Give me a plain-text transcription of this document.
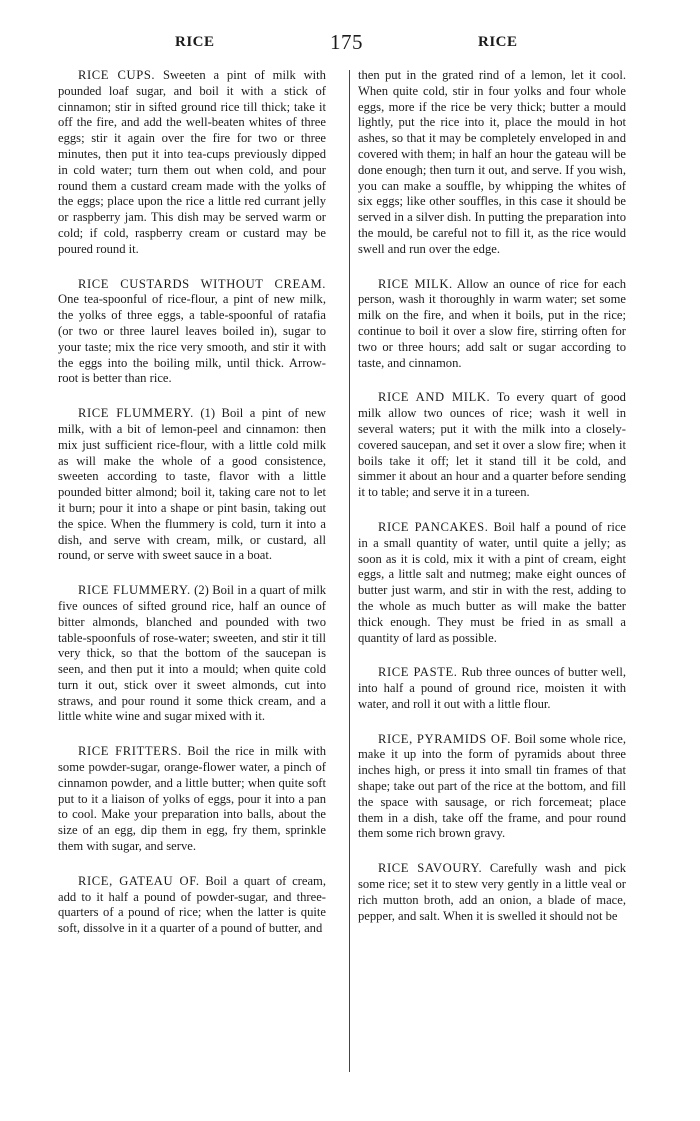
RICE	175	RICE

RICE CUPS. Sweeten a pint of milk with pounded loaf sugar, and boil it with a stick of cinnamon; stir in sifted ground rice till thick; take it off the fire, and add the well-beaten whites of three eggs; stir it again over the fire for two or three minutes, then put it into tea-cups previously dipped in cold water; turn them out when cold, and pour round them a custard cream made with the yolks of the eggs; place upon the rice a little red currant jelly or raspberry jam. This dish may be served warm or cold; if cold, raspberry cream or custard may be poured round it.

RICE CUSTARDS WITHOUT CREAM. One tea-spoonful of rice-flour, a pint of new milk, the yolks of three eggs, a table-spoonful of ratafia (or two or three laurel leaves boiled in), sugar to your taste; mix the rice very smooth, and stir it with the eggs into the boiling milk, until thick. Arrow-root is better than rice.

RICE FLUMMERY. (1) Boil a pint of new milk, with a bit of lemon-peel and cinnamon: then mix just sufficient rice-flour, with a little cold milk as will make the whole of a good consistence, sweeten according to taste, flavor with a little pounded bitter almond; boil it, taking care not to let it burn; pour it into a shape or pint basin, taking out the spice. When the flummery is cold, turn it into a dish, and serve with cream, milk, or custard, all round, or serve with sweet sauce in a boat.

RICE FLUMMERY. (2) Boil in a quart of milk five ounces of sifted ground rice, half an ounce of bitter almonds, blanched and pounded with two table-spoonfuls of rose-water; sweeten, and stir it till very thick, so that the bottom of the saucepan is seen, and then put it into a mould; when quite cold turn it out, stick over it sweet almonds, cut into straws, and pour round it some thick cream, and a little white wine and sugar mixed with it.

RICE FRITTERS. Boil the rice in milk with some powder-sugar, orange-flower water, a pinch of cinnamon powder, and a little butter; when quite soft put to it a liaison of yolks of eggs, pour it into a pan to cool. Make your preparation into balls, about the size of an egg, dip them in egg, fry them, sprinkle them with sugar, and serve.

RICE, GATEAU OF. Boil a quart of cream, add to it half a pound of powder-sugar, and three-quarters of a pound of rice; when the latter is quite soft, dissolve in it a quarter of a pound of butter, and

then put in the grated rind of a lemon, let it cool. When quite cold, stir in four yolks and four whole eggs, more if the rice be very thick; butter a mould lightly, put the rice into it, place the mould in hot ashes, so that it may be completely enveloped in and covered with them; in half an hour the gateau will be done enough; then turn it out, and serve. If you wish, you can make a souffle, by whipping the whites of six eggs; like other souffles, in this case it should be served in a silver dish. In putting the preparation into the mould, be careful not to fill it, as the rice would swell and run over the edge.

RICE MILK. Allow an ounce of rice for each person, wash it thoroughly in warm water; set some milk on the fire, and when it boils, put in the rice; continue to boil it over a slow fire, stirring often for two or three hours; add salt or sugar according to taste, and cinnamon.

RICE AND MILK. To every quart of good milk allow two ounces of rice; wash it well in several waters; put it with the milk into a closely-covered saucepan, and set it over a slow fire; when it boils take it off; let it stand till it be cold, and simmer it about an hour and a quarter before sending it to table; and serve it in a tureen.

RICE PANCAKES. Boil half a pound of rice in a small quantity of water, until quite a jelly; as soon as it is cold, mix it with a pint of cream, eight eggs, a little salt and nutmeg; make eight ounces of butter just warm, and stir in with the rest, adding to the whole as much butter as will make the batter thick enough. They must be fried in as small a quantity of lard as possible.

RICE PASTE. Rub three ounces of butter well, into half a pound of ground rice, moisten it with water, and roll it out with a little flour.

RICE, PYRAMIDS OF. Boil some whole rice, make it up into the form of pyramids about three inches high, or press it into small tin frames of that shape; take out part of the rice at the bottom, and fill the space with sausage, or rich forcemeat; place them in a dish, take off the frame, and pour round them some rich brown gravy.

RICE SAVOURY. Carefully wash and pick some rice; set it to stew very gently in a little veal or rich mutton broth, add an onion, a blade of mace, pepper, and salt. When it is swelled it should not be
